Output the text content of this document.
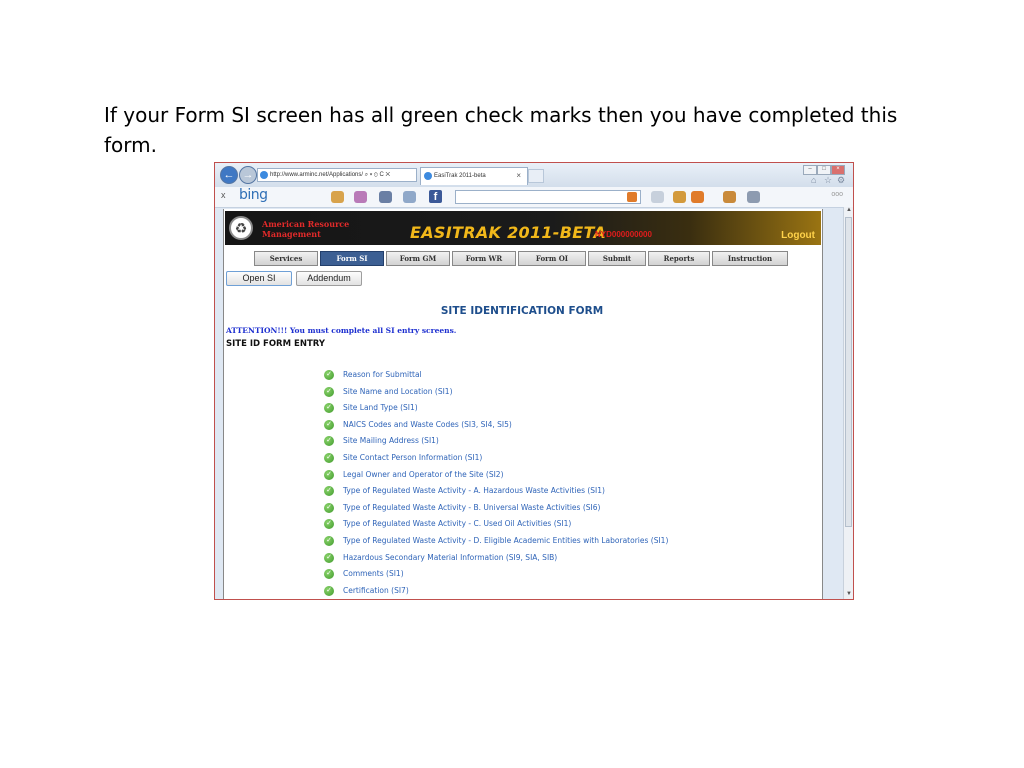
If your Form SI screen has all green check marks then you have completed this form.
← →	http://www.arminc.net/Applications/ ⌕ ▾ ⊙ C ✕	EasiTrak 2011-beta	×
–	□	×
⌂ ☆ ⚙
x bing	f	ooo
♻	American Resource Management	EASITRAK 2011-BETA
NYD000000000	Logout
Services	Form SI	Form GM	Form WR	Form OI	Submit	Reports	Instruction
Open SI	Addendum
SITE IDENTIFICATION FORM
ATTENTION!!! You must complete all SI entry screens.
SITE ID FORM ENTRY
✓ Reason for Submittal
✓ Site Name and Location (SI1)
✓ Site Land Type (SI1)
✓ NAICS Codes and Waste Codes (SI3, SI4, SI5)
✓ Site Mailing Address (SI1)
✓ Site Contact Person Information (SI1)
✓ Legal Owner and Operator of the Site (SI2)
✓ Type of Regulated Waste Activity - A. Hazardous Waste Activities (SI1)
✓ Type of Regulated Waste Activity - B. Universal Waste Activities (SI6)
✓ Type of Regulated Waste Activity - C. Used Oil Activities (SI1)
✓ Type of Regulated Waste Activity - D. Eligible Academic Entities with Laboratories (SI1)
✓ Hazardous Secondary Material Information (SI9, SIA, SIB)
✓ Comments (SI1)
✓ Certification (SI7)
▲
▼
